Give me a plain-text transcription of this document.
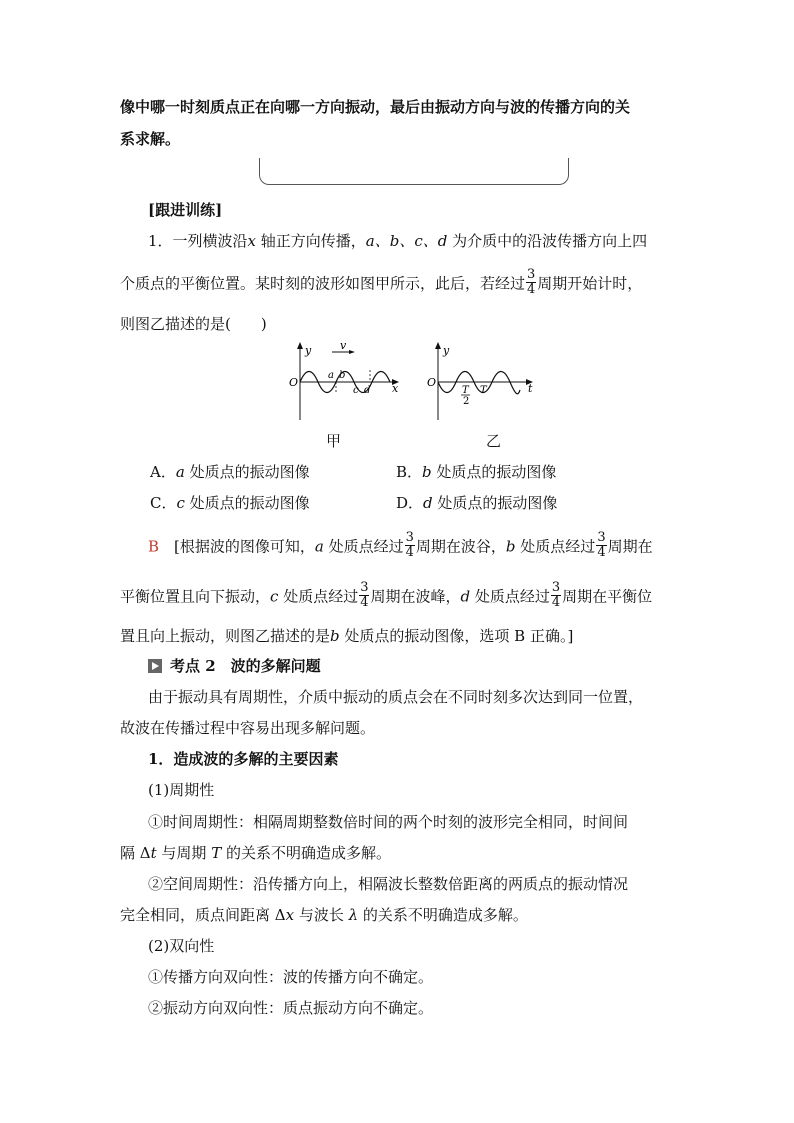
像中哪一时刻质点正在向哪一方向振动，最后由振动方向与波的传播方向的关
系求解。
[跟进训练]
1．一列横波沿x 轴正方向传播，a、b、c、d 为介质中的沿波传播方向上四
个质点的平衡位置。某时刻的波形如图甲所示，此后，若经过 $\frac{3}{4}$ 周期开始计时，
则图乙描述的是(　　)
y	v
O
a b
c d x
y
O
T
2
T	t
甲	乙
A．a 处质点的振动图像	B．b 处质点的振动图像
C．c 处质点的振动图像	D．d 处质点的振动图像
B　[根据波的图像可知，a 处质点经过 $\frac{3}{4}$ 周期在波谷，b 处质点经过 $\frac{3}{4}$ 周期在
平衡位置且向下振动，c 处质点经过 $\frac{3}{4}$ 周期在波峰，d 处质点经过 $\frac{3}{4}$ 周期在平衡位
置且向上振动，则图乙描述的是b 处质点的振动图像，选项 B 正确。]
考点 2　波的多解问题
由于振动具有周期性，介质中振动的质点会在不同时刻多次达到同一位置，
故波在传播过程中容易出现多解问题。
1．造成波的多解的主要因素
(1)周期性
①时间周期性：相隔周期整数倍时间的两个时刻的波形完全相同，时间间
隔 Δt 与周期 T 的关系不明确造成多解。
②空间周期性：沿传播方向上，相隔波长整数倍距离的两质点的振动情况
完全相同，质点间距离 Δx 与波长 λ 的关系不明确造成多解。
(2)双向性
①传播方向双向性：波的传播方向不确定。
②振动方向双向性：质点振动方向不确定。
